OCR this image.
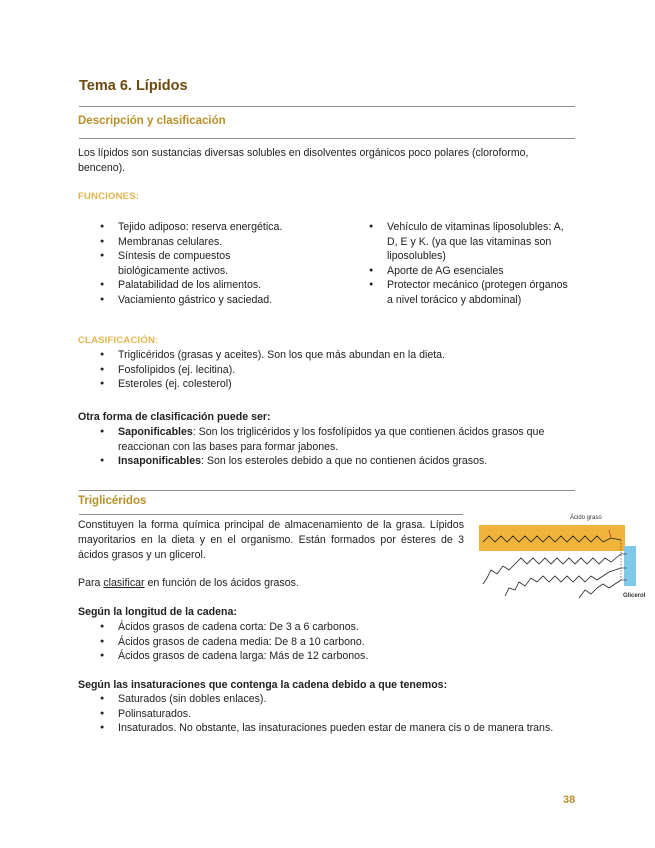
Tema 6. Lípidos
Descripción y clasificación

Los lípidos son sustancias diversas solubles en disolventes orgánicos poco polares (cloroformo, benceno).

FUNCIONES:
● Tejido adiposo: reserva energética.
● Membranas celulares.
● Síntesis de compuestos biológicamente activos.
● Palatabilidad de los alimentos.
● Vaciamiento gástrico y saciedad.
● Vehículo de vitaminas liposolubles: A, D, E y K. (ya que las vitaminas son liposolubles)
● Aporte de AG esenciales
● Protector mecánico (protegen órganos a nivel torácico y abdominal)
CLASIFICACIÓN:
● Triglicéridos (grasas y aceites). Son los que más abundan en la dieta.
● Fosfolípidos (ej. lecitina).
● Esteroles (ej. colesterol)

Otra forma de clasificación puede ser:

● Saponificables: Son los triglicéridos y los fosfolípidos ya que contienen ácidos grasos que reaccionan con las bases para formar jabones.
● Insaponificables: Son los esteroles debido a que no contienen ácidos grasos.
Triglicéridos

Constituyen la forma química principal de almacenamiento de la grasa. Lípidos mayoritarios en la dieta y en el organismo. Están formados por ésteres de 3 ácidos grasos y un glicerol.

Para clasificar en función de los ácidos grasos.

Según la longitud de la cadena:

● Ácidos grasos de cadena corta: De 3 a 6 carbonos.
● Ácidos grasos de cadena media: De 8 a 10 carbono.
● Ácidos grasos de cadena larga: Más de 12 carbonos.

Según las insaturaciones que contenga la cadena debido a que tenemos:

● Saturados (sin dobles enlaces).
● Polinsaturados.
● Insaturados. No obstante, las insaturaciones pueden estar de manera cis o de manera trans.
Ácido graso
Glicerol
38
